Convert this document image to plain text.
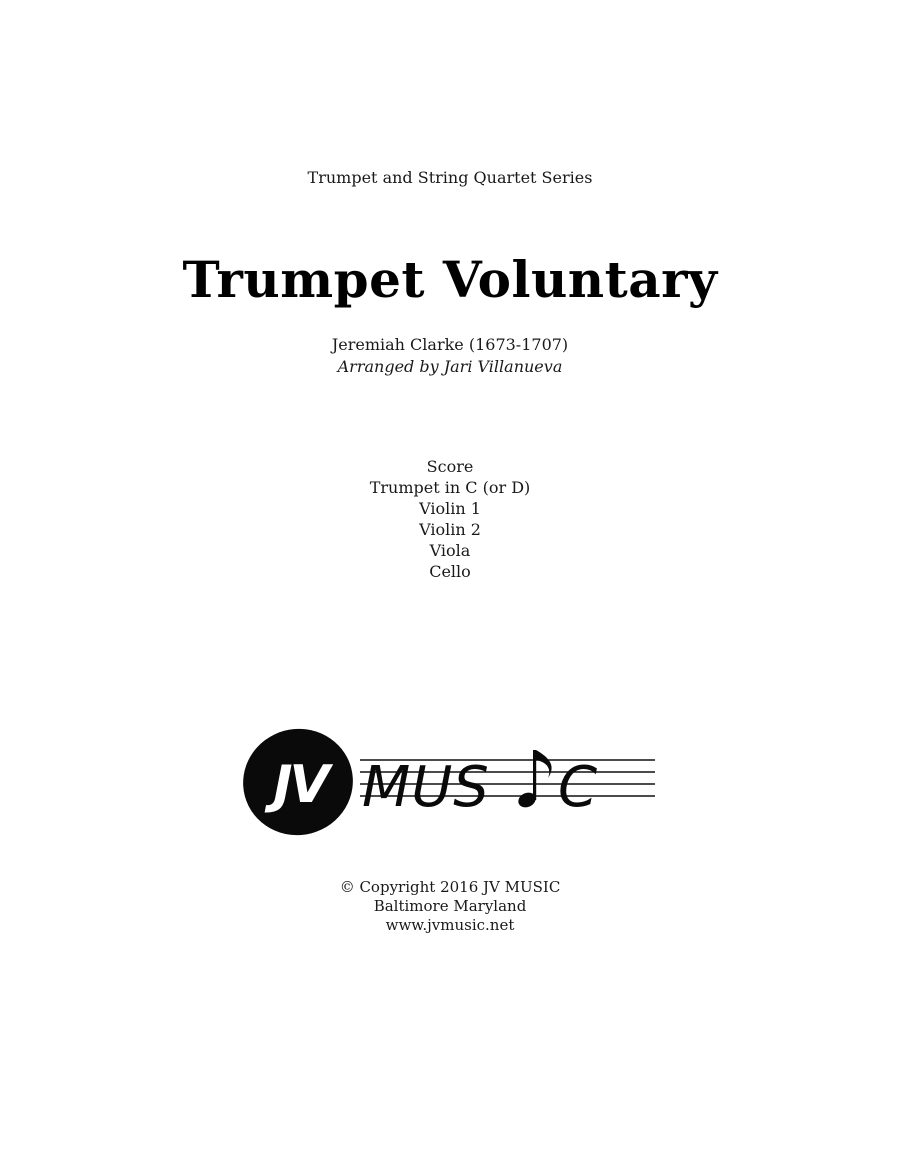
Trumpet and String Quartet Series
Trumpet Voluntary
Jeremiah Clarke (1673-1707)
Arranged by Jari Villanueva
Score
Trumpet in C (or D)
Violin 1
Violin 2
Viola
Cello
JV MUS C
© Copyright 2016 JV MUSIC
Baltimore Maryland
www.jvmusic.net
